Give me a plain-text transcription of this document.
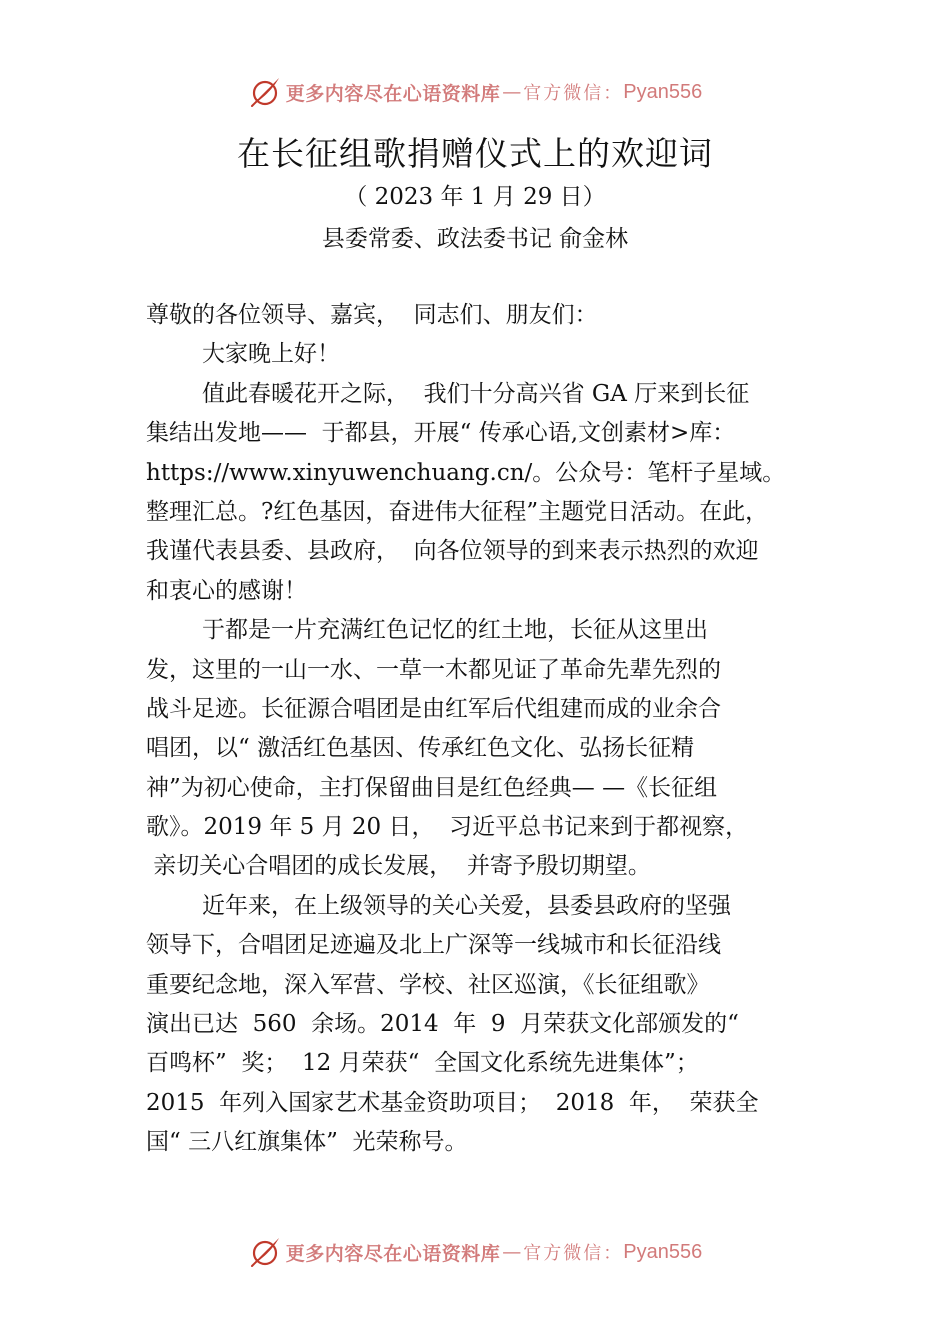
更多内容尽在心语资料库 — 官方微信： Pyan556
在长征组歌捐赠仪式上的欢迎词
（ 2023 年 1 月 29 日）
县委常委、政法委书记 俞金林
尊敬的各位领导、嘉宾，  同志们、朋友们：
大家晚上好！
值此春暖花开之际，  我们十分高兴省 GA 厅来到长征
集结出发地——  于都县，开展“ 传承心语,文创素材>库：
https://www.xinyuwenchuang.cn/。公众号：笔杆子星域。
整理汇总。?红色基因，奋进伟大征程”主题党日活动。在此，
我谨代表县委、县政府，  向各位领导的到来表示热烈的欢迎
和衷心的感谢！
于都是一片充满红色记忆的红土地，长征从这里出
发，这里的一山一水、一草一木都见证了革命先辈先烈的
战斗足迹。长征源合唱团是由红军后代组建而成的业余合
唱团，以“ 激活红色基因、传承红色文化、弘扬长征精
神”为初心使命，主打保留曲目是红色经典— —《长征组
歌》。2019 年 5 月 20 日，  习近平总书记来到于都视察，
亲切关心合唱团的成长发展，  并寄予殷切期望。
近年来，在上级领导的关心关爱，县委县政府的坚强
领导下，合唱团足迹遍及北上广深等一线城市和长征沿线
重要纪念地，深入军营、学校、社区巡演，《长征组歌》
演出已达  560  余场。2014  年  9  月荣获文化部颁发的“
百鸣杯”  奖；  12 月荣获“  全国文化系统先进集体”；
2015  年列入国家艺术基金资助项目；  2018  年，  荣获全
国“ 三八红旗集体”  光荣称号。
更多内容尽在心语资料库 — 官方微信： Pyan556
